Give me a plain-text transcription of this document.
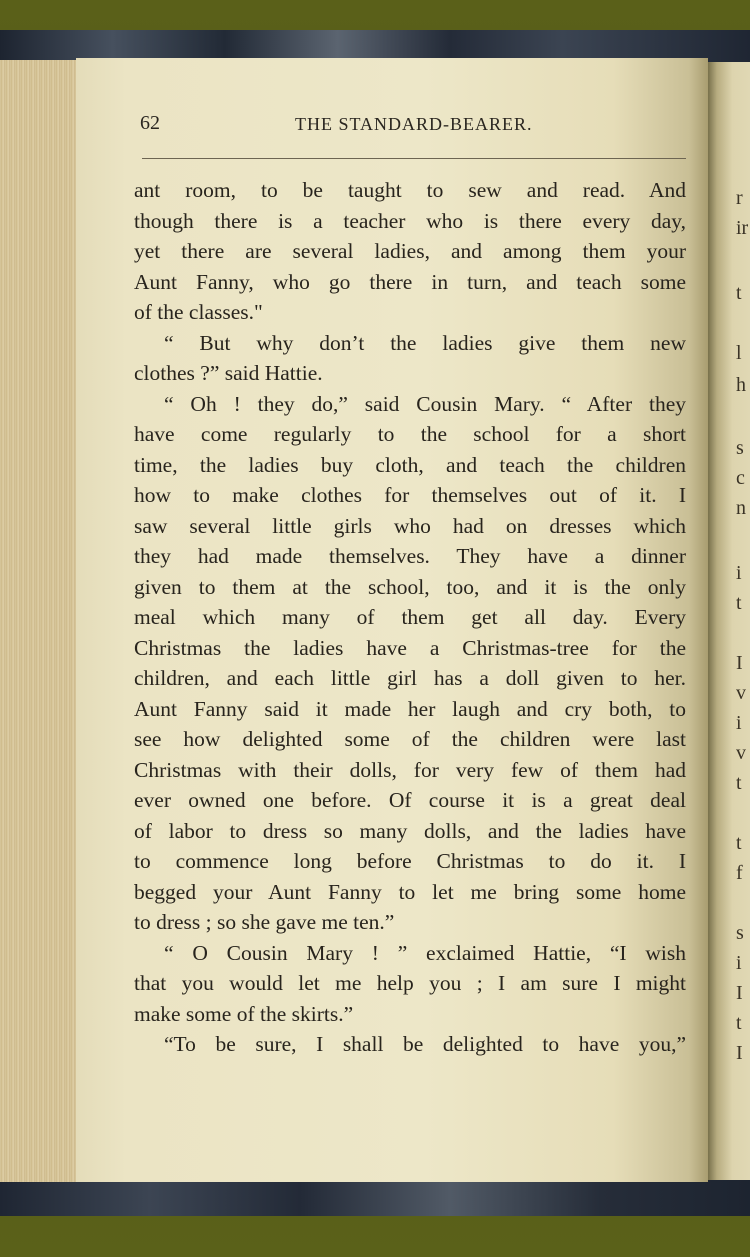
r
ir
t
l
h
s
c
n
i
t
I
v
i
v
t
t
f
s
i
I
t
I
62	THE STANDARD-BEARER.
ant room, to be taught to sew and read. And
though there is a teacher who is there every day,
yet there are several ladies, and among them your
Aunt Fanny, who go there in turn, and teach some
of the classes."
“ But why don’t the ladies give them new
clothes ?” said Hattie.
“ Oh ! they do,” said Cousin Mary. “ After they
have come regularly to the school for a short
time, the ladies buy cloth, and teach the children
how to make clothes for themselves out of it. I
saw several little girls who had on dresses which
they had made themselves. They have a dinner
given to them at the school, too, and it is the only
meal which many of them get all day. Every
Christmas the ladies have a Christmas-tree for the
children, and each little girl has a doll given to her.
Aunt Fanny said it made her laugh and cry both, to
see how delighted some of the children were last
Christmas with their dolls, for very few of them had
ever owned one before. Of course it is a great deal
of labor to dress so many dolls, and the ladies have
to commence long before Christmas to do it. I
begged your Aunt Fanny to let me bring some home
to dress ; so she gave me ten.”
“ O Cousin Mary ! ” exclaimed Hattie, “I wish
that you would let me help you ; I am sure I might
make some of the skirts.”
“To be sure, I shall be delighted to have you,”
